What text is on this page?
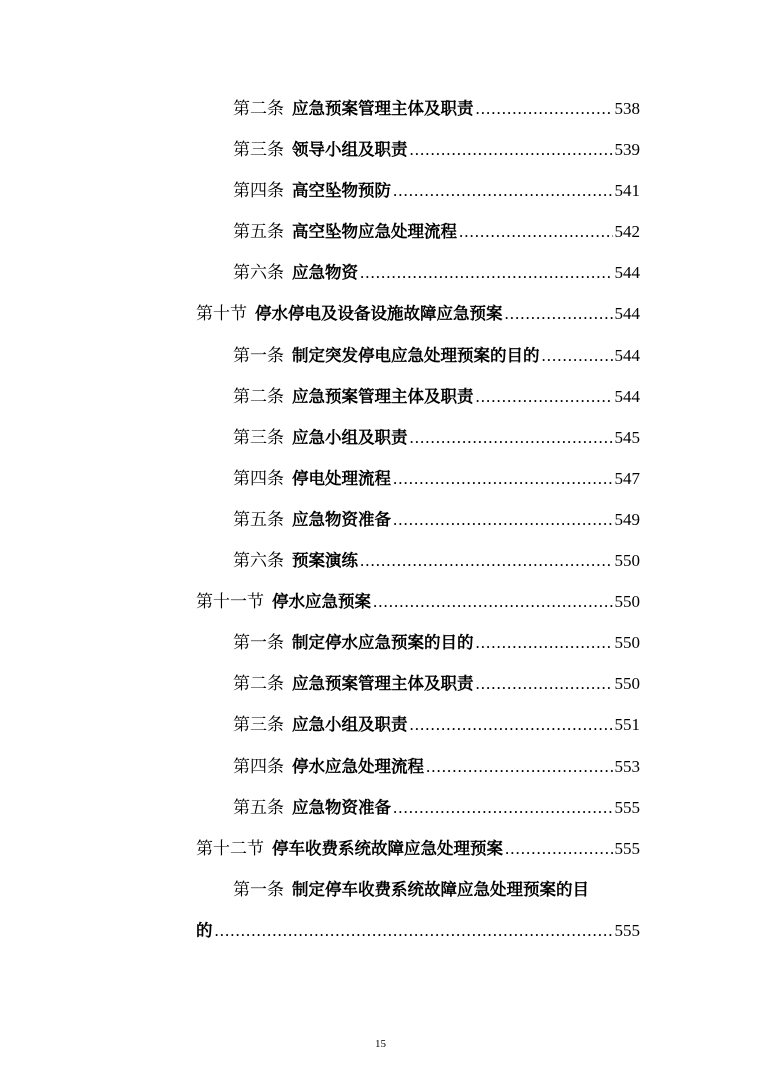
第二条 应急预案管理主体及职责 .....	538
第三条 领导小组及职责 .....	539
第四条 高空坠物预防 .....	541
第五条 高空坠物应急处理流程 .....	542
第六条 应急物资 .....	544
第十节 停水停电及设备设施故障应急预案 .....	544
第一条 制定突发停电应急处理预案的目的 .....	544
第二条 应急预案管理主体及职责 .....	544
第三条 应急小组及职责 .....	545
第四条 停电处理流程 .....	547
第五条 应急物资准备 .....	549
第六条 预案演练 .....	550
第十一节 停水应急预案 .....	550
第一条 制定停水应急预案的目的 .....	550
第二条 应急预案管理主体及职责 .....	550
第三条 应急小组及职责 .....	551
第四条 停水应急处理流程 .....	553
第五条 应急物资准备 .....	555
第十二节 停车收费系统故障应急处理预案 .....	555
第一条 制定停车收费系统故障应急处理预案的目
的 .....	555
15
